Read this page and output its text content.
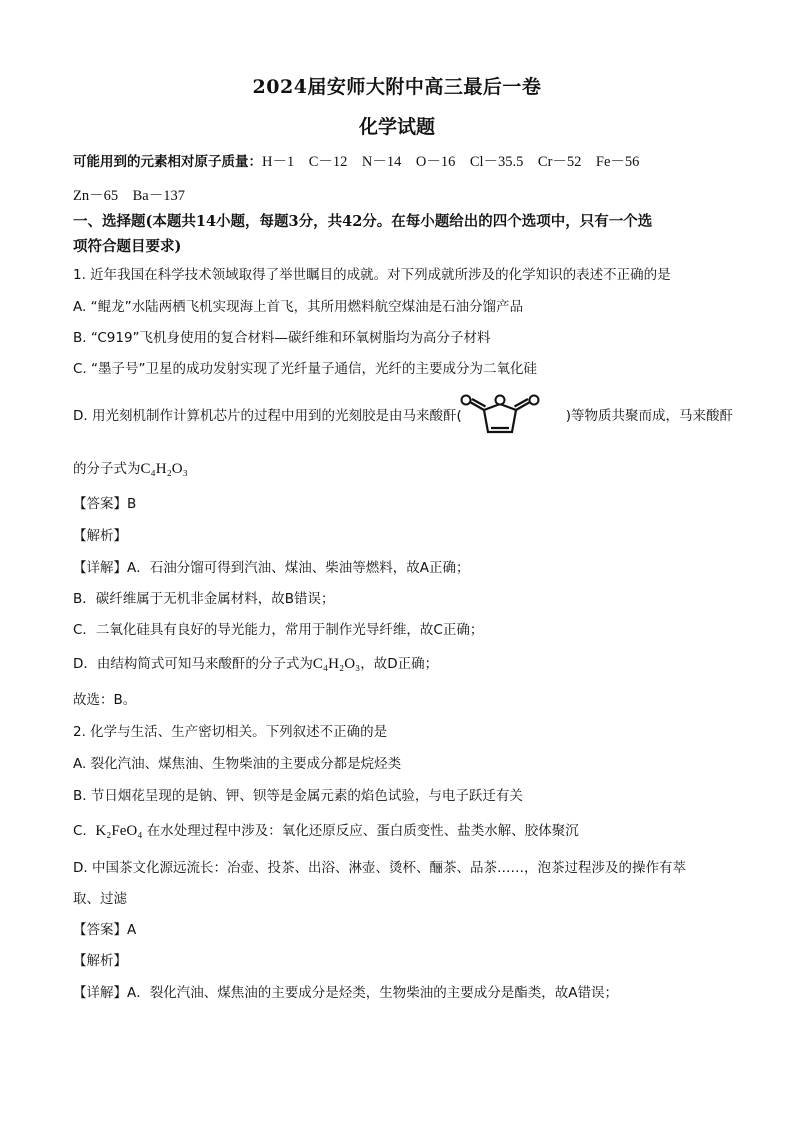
2024届安师大附中高三最后一卷
化学试题
可能用到的元素相对原子质量：H－1　C－12　N－14　O－16　Cl－35.5　Cr－52　Fe－56
Zn－65　Ba－137
一、选择题(本题共14小题，每题3分，共42分。在每小题给出的四个选项中，只有一个选
项符合题目要求)
1. 近年我国在科学技术领域取得了举世瞩目的成就。对下列成就所涉及的化学知识的表述不正确的是
A. “鲲龙”水陆两栖飞机实现海上首飞，其所用燃料航空煤油是石油分馏产品
B. “C919”飞机身使用的复合材料—碳纤维和环氧树脂均为高分子材料
C. “墨子号”卫星的成功发射实现了光纤量子通信，光纤的主要成分为二氧化硅
D. 用光刻机制作计算机芯片的过程中用到的光刻胶是由马来酸酐(	)等物质共聚而成，马来酸酐
的分子式为C₄H₂O₃
【答案】B
【解析】
【详解】A．石油分馏可得到汽油、煤油、柴油等燃料，故A正确；
B．碳纤维属于无机非金属材料，故B错误；
C．二氧化硅具有良好的导光能力，常用于制作光导纤维，故C正确；
D．由结构简式可知马来酸酐的分子式为C₄H₂O₃，故D正确；
故选：B。
2. 化学与生活、生产密切相关。下列叙述不正确的是
A. 裂化汽油、煤焦油、生物柴油的主要成分都是烷烃类
B. 节日烟花呈现的是钠、钾、钡等是金属元素的焰色试验，与电子跃迁有关
C. K₂FeO₄ 在水处理过程中涉及：氧化还原反应、蛋白质变性、盐类水解、胶体聚沉
D. 中国茶文化源远流长：冶壶、投茶、出浴、淋壶、烫杯、酾茶、品茶……，泡茶过程涉及的操作有萃
取、过滤
【答案】A
【解析】
【详解】A．裂化汽油、煤焦油的主要成分是烃类，生物柴油的主要成分是酯类，故A错误；
